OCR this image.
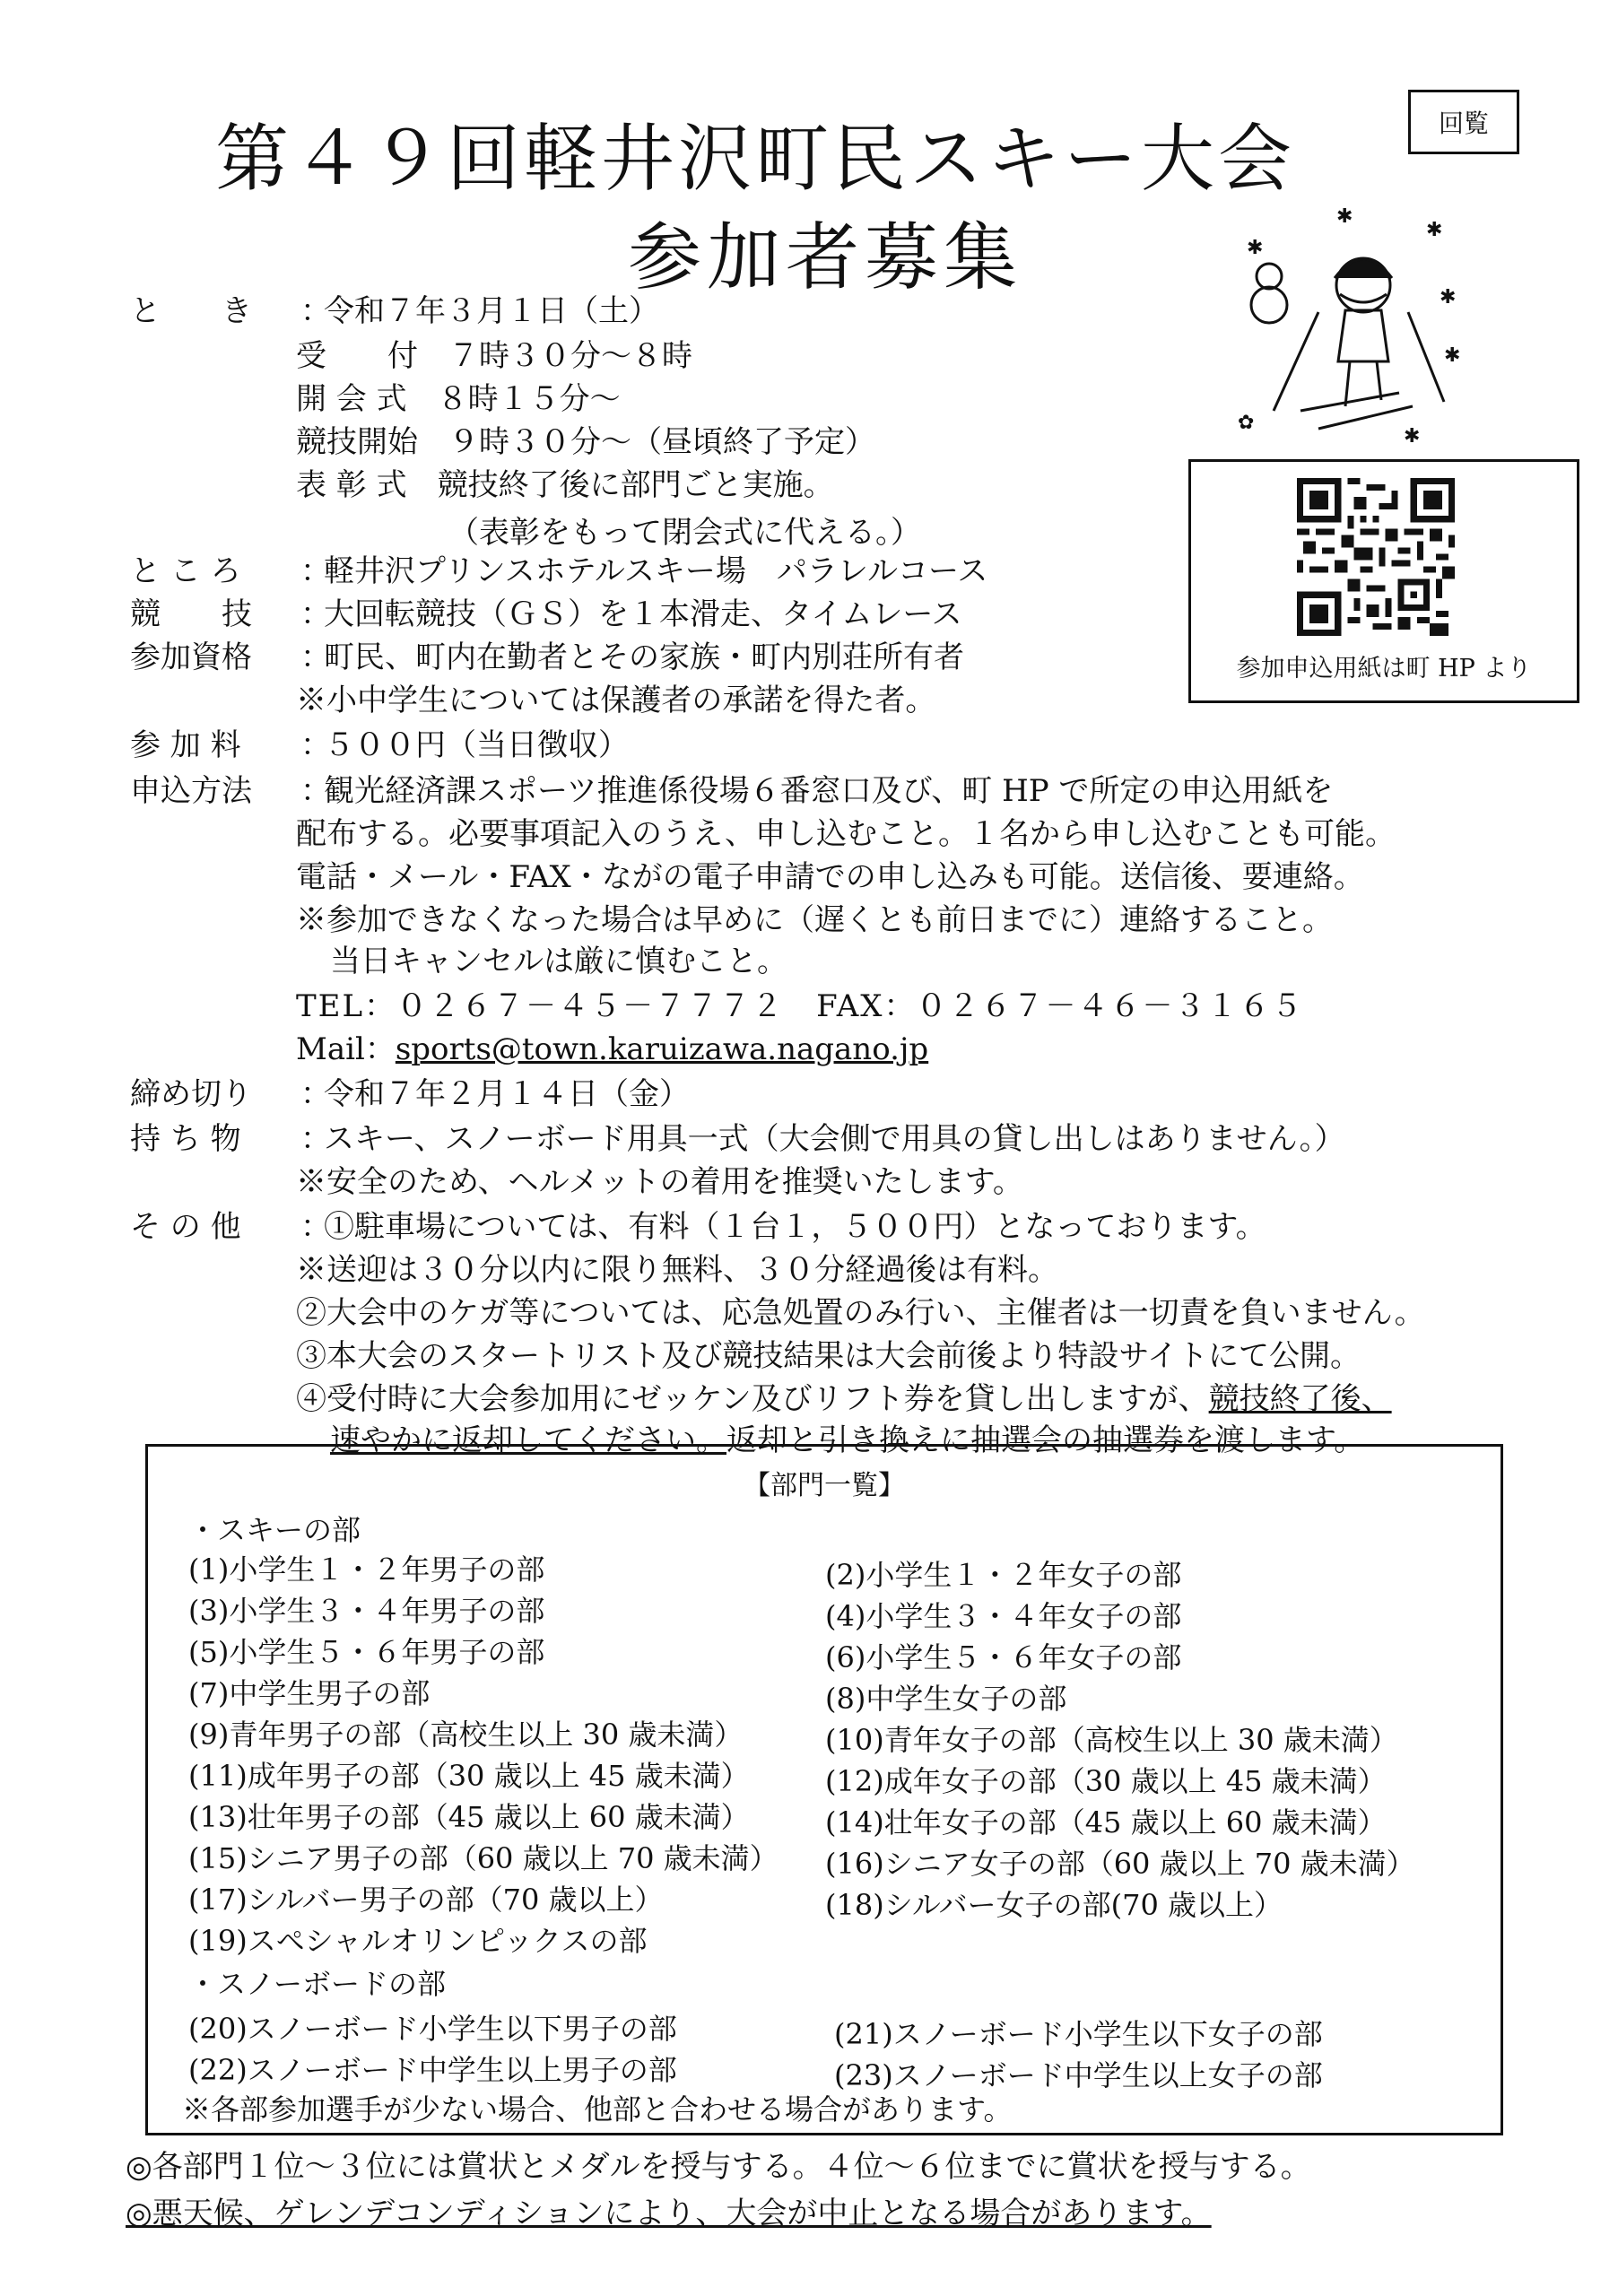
第４９回軽井沢町民スキー大会
参加者募集
回覧
✱
✱
✱
✱
✱
✱
✿
参加申込用紙は町 HP より
と　　き ：令和７年３月１日（土）
受　　付　７時３０分～８時
開 会 式　８時１５分～
競技開始　９時３０分～（昼頃終了予定）
表 彰 式　競技終了後に部門ごと実施。
（表彰をもって閉会式に代える。）
と こ ろ ：軽井沢プリンスホテルスキー場　パラレルコース
競　　技 ：大回転競技（ＧＳ）を１本滑走、タイムレース
参加資格 ：町民、町内在勤者とその家族・町内別荘所有者
※小中学生については保護者の承諾を得た者。
参 加 料 ：５００円（当日徴収）
申込方法 ：観光経済課スポーツ推進係役場６番窓口及び、町 HP で所定の申込用紙を
配布する。必要事項記入のうえ、申し込むこと。１名から申し込むことも可能。
電話・メール・FAX・ながの電子申請での申し込みも可能。送信後、要連絡。
※参加できなくなった場合は早めに（遅くとも前日までに）連絡すること。
当日キャンセルは厳に慎むこと。
TEL：０２６７－４５－７７７２　FAX：０２６７－４６－３１６５
Mail：sports@town.karuizawa.nagano.jp
締め切り ：令和７年２月１４日（金）
持 ち 物 ：スキー、スノーボード用具一式（大会側で用具の貸し出しはありません。）
※安全のため、ヘルメットの着用を推奨いたします。
そ の 他 ：①駐車場については、有料（１台１，５００円）となっております。
※送迎は３０分以内に限り無料、３０分経過後は有料。
②大会中のケガ等については、応急処置のみ行い、主催者は一切責を負いません。
③本大会のスタートリスト及び競技結果は大会前後より特設サイトにて公開。
④受付時に大会参加用にゼッケン及びリフト券を貸し出しますが、競技終了後、
速やかに返却してください。返却と引き換えに抽選会の抽選券を渡します。
【部門一覧】
・スキーの部
(1)小学生１・２年男子の部
(3)小学生３・４年男子の部
(5)小学生５・６年男子の部
(7)中学生男子の部
(9)青年男子の部（高校生以上 30 歳未満）
(11)成年男子の部（30 歳以上 45 歳未満）
(13)壮年男子の部（45 歳以上 60 歳未満）
(15)シニア男子の部（60 歳以上 70 歳未満）
(17)シルバー男子の部（70 歳以上）
(19)スペシャルオリンピックスの部
(2)小学生１・２年女子の部
(4)小学生３・４年女子の部
(6)小学生５・６年女子の部
(8)中学生女子の部
(10)青年女子の部（高校生以上 30 歳未満）
(12)成年女子の部（30 歳以上 45 歳未満）
(14)壮年女子の部（45 歳以上 60 歳未満）
(16)シニア女子の部（60 歳以上 70 歳未満）
(18)シルバー女子の部(70 歳以上）
・スノーボードの部
(20)スノーボード小学生以下男子の部
(22)スノーボード中学生以上男子の部
(21)スノーボード小学生以下女子の部
(23)スノーボード中学生以上女子の部
※各部参加選手が少ない場合、他部と合わせる場合があります。
◎各部門１位～３位には賞状とメダルを授与する。４位～６位までに賞状を授与する。
◎悪天候、ゲレンデコンディションにより、大会が中止となる場合があります。
